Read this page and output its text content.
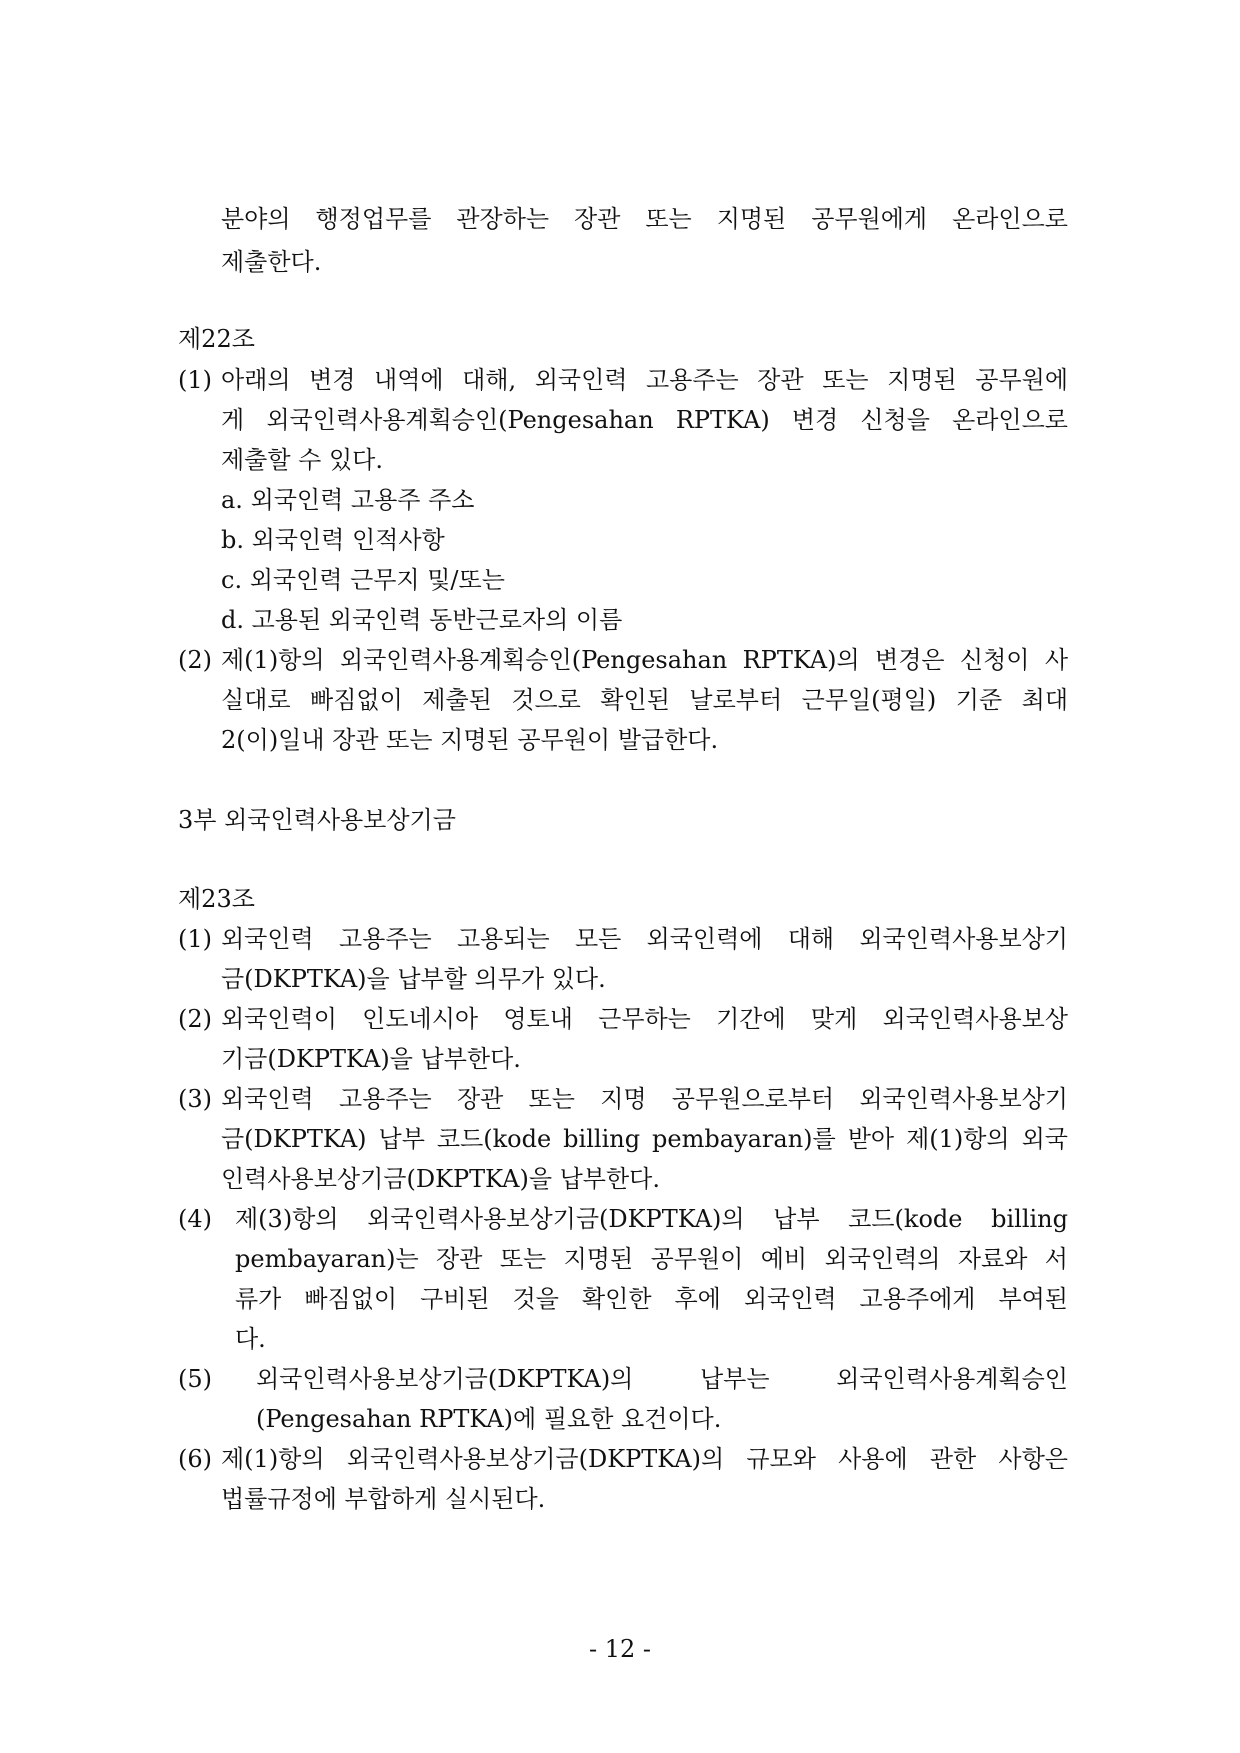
분야의 행정업무를 관장하는 장관 또는 지명된 공무원에게 온라인으로
제출한다.
제22조
(1) 아래의 변경 내역에 대해, 외국인력 고용주는 장관 또는 지명된 공무원에
게 외국인력사용계획승인(Pengesahan RPTKA) 변경 신청을 온라인으로
제출할 수 있다.
a. 외국인력 고용주 주소
b. 외국인력 인적사항
c. 외국인력 근무지 및/또는
d. 고용된 외국인력 동반근로자의 이름
(2) 제(1)항의 외국인력사용계획승인(Pengesahan RPTKA)의 변경은 신청이 사
실대로 빠짐없이 제출된 것으로 확인된 날로부터 근무일(평일) 기준 최대
2(이)일내 장관 또는 지명된 공무원이 발급한다.
3부 외국인력사용보상기금
제23조
(1) 외국인력 고용주는 고용되는 모든 외국인력에 대해 외국인력사용보상기
금(DKPTKA)을 납부할 의무가 있다.
(2) 외국인력이 인도네시아 영토내 근무하는 기간에 맞게 외국인력사용보상
기금(DKPTKA)을 납부한다.
(3) 외국인력 고용주는 장관 또는 지명 공무원으로부터 외국인력사용보상기
금(DKPTKA) 납부 코드(kode billing pembayaran)를 받아 제(1)항의 외국
인력사용보상기금(DKPTKA)을 납부한다.
(4) 제(3)항의 외국인력사용보상기금(DKPTKA)의 납부 코드(kode billing
pembayaran)는 장관 또는 지명된 공무원이 예비 외국인력의 자료와 서
류가 빠짐없이 구비된 것을 확인한 후에 외국인력 고용주에게 부여된
다.
(5) 외국인력사용보상기금(DKPTKA)의 납부는 외국인력사용계획승인
(Pengesahan RPTKA)에 필요한 요건이다.
(6) 제(1)항의 외국인력사용보상기금(DKPTKA)의 규모와 사용에 관한 사항은
법률규정에 부합하게 실시된다.
- 12 -
